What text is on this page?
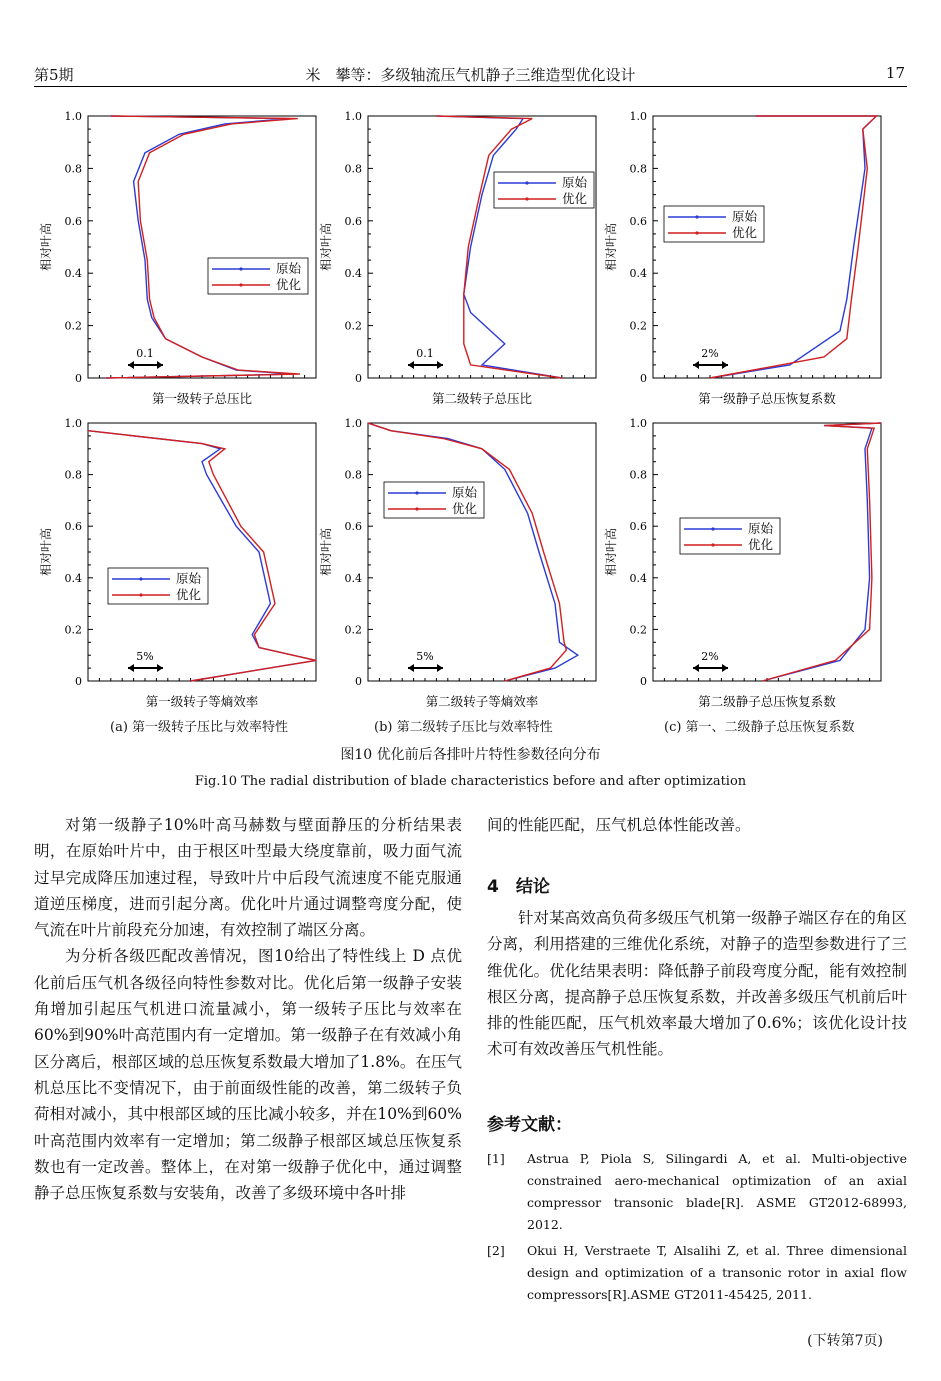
第5期	米　攀等：多级轴流压气机静子三维造型优化设计	17
0
0.2
0.4
0.6
0.8
1.0
相对叶高
第一级转子总压比
0.1
原始
优化
0
0.2
0.4
0.6
0.8
1.0
相对叶高
第二级转子总压比
0.1
原始
优化
0
0.2
0.4
0.6
0.8
1.0
相对叶高
第一级静子总压恢复系数
2%
原始
优化
0
0.2
0.4
0.6
0.8
1.0
相对叶高
第一级转子等熵效率
5%
原始
优化
0
0.2
0.4
0.6
0.8
1.0
相对叶高
第二级转子等熵效率
5%
原始
优化
0
0.2
0.4
0.6
0.8
1.0
相对叶高
第二级静子总压恢复系数
2%
原始
优化
(a) 第一级转子压比与效率特性	(b) 第二级转子压比与效率特性	(c) 第一、二级静子总压恢复系数
图10 优化前后各排叶片特性参数径向分布
Fig.10 The radial distribution of blade characteristics before and after optimization

对第一级静子10%叶高马赫数与壁面静压的分析结果表明，在原始叶片中，由于根区叶型最大绕度靠前，吸力面气流过早完成降压加速过程，导致叶片中后段气流速度不能克服通道逆压梯度，进而引起分离。优化叶片通过调整弯度分配，使气流在叶片前段充分加速，有效控制了端区分离。

为分析各级匹配改善情况，图10给出了特性线上 D 点优化前后压气机各级径向特性参数对比。优化后第一级静子安装角增加引起压气机进口流量减小，第一级转子压比与效率在60%到90%叶高范围内有一定增加。第一级静子在有效减小角区分离后，根部区域的总压恢复系数最大增加了1.8%。在压气机总压比不变情况下，由于前面级性能的改善，第二级转子负荷相对减小，其中根部区域的压比减小较多，并在10%到60%叶高范围内效率有一定增加；第二级静子根部区域总压恢复系数也有一定改善。整体上，在对第一级静子优化中，通过调整静子总压恢复系数与安装角，改善了多级环境中各叶排

间的性能匹配，压气机总体性能改善。

4　结论

针对某高效高负荷多级压气机第一级静子端区存在的角区分离，利用搭建的三维优化系统，对静子的造型参数进行了三维优化。优化结果表明：降低静子前段弯度分配，能有效控制根区分离，提高静子总压恢复系数，并改善多级压气机前后叶排的性能匹配，压气机效率最大增加了0.6%；该优化设计技术可有效改善压气机性能。

参考文献：
[1]	Astrua P, Piola S, Silingardi A, et al. Multi-objective constrained aero-mechanical optimization of an axial compressor transonic blade[R]. ASME GT2012-68993, 2012.
[2]	Okui H, Verstraete T, Alsalihi Z, et al. Three dimensional design and optimization of a transonic rotor in axial flow compressors[R].ASME GT2011-45425, 2011.
(下转第7页)
